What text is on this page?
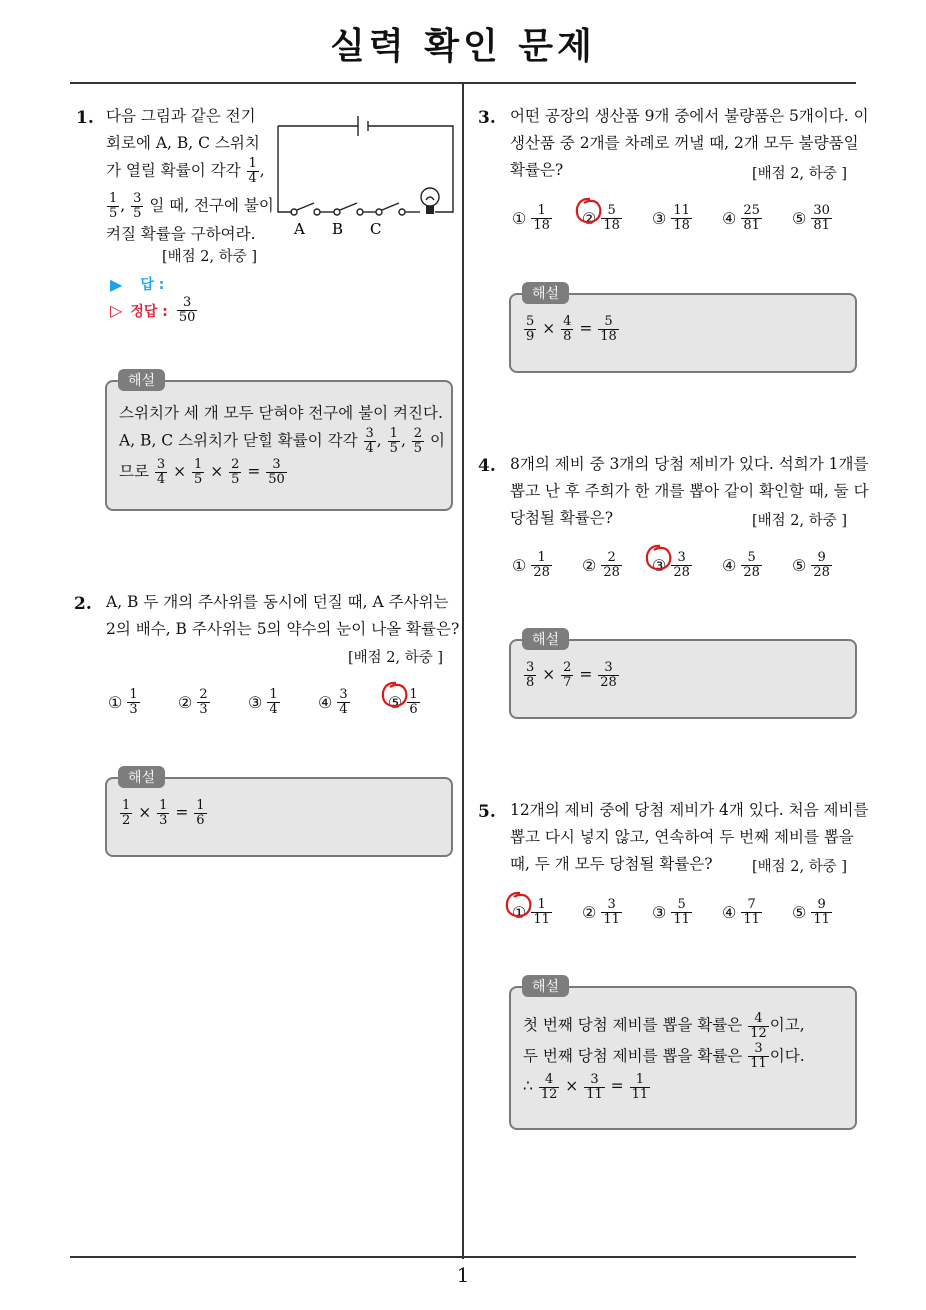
실력 확인 문제
1
1. 다음 그림과 같은 전기
회로에 A, B, C 스위치
가 열릴 확률이 각각 $\frac{1}{4}$ ,
$\frac{1}{5}$ , $\frac{3}{5}$ 일 때, 전구에 불이
켜질 확률을 구하여라.
[배점 2, 하중 ]
A B C
▶ 답 :
▷ 정답 : $\frac{3}{50}$
스위치가 세 개 모두 닫혀야 전구에 불이 켜진다.
A, B, C 스위치가 닫힐 확률이 각각 $\frac{3}{4}$ , $\frac{1}{5}$ , $\frac{2}{5}$ 이
므로 $\frac{3}{4} \times \frac{1}{5} \times \frac{2}{5} = \frac{3}{50}$
해설
2. A, B 두 개의 주사위를 동시에 던질 때, A 주사위는
2의 배수, B 주사위는 5의 약수의 눈이 나올 확률은?
[배점 2, 하중 ]
① $\frac{1}{3}$ ② $\frac{2}{3}$ ③ $\frac{1}{4}$ ④ $\frac{3}{4}$ ⑤ $\frac{1}{6}$
$\frac{1}{2} \times \frac{1}{3} = \frac{1}{6}$
해설
3. 어떤 공장의 생산품 9개 중에서 불량품은 5개이다. 이
생산품 중 2개를 차례로 꺼낼 때, 2개 모두 불량품일
확률은?	[배점 2, 하중 ]
① $\frac{1}{18}$ ② $\frac{5}{18}$ ③ $\frac{11}{18}$ ④ $\frac{25}{81}$ ⑤ $\frac{30}{81}$
$\frac{5}{9} \times \frac{4}{8} = \frac{5}{18}$
해설
4. 8개의 제비 중 3개의 당첨 제비가 있다. 석희가 1개를
뽑고 난 후 주희가 한 개를 뽑아 같이 확인할 때, 둘 다
당첨될 확률은?	[배점 2, 하중 ]
① $\frac{1}{28}$ ② $\frac{2}{28}$ ③ $\frac{3}{28}$ ④ $\frac{5}{28}$ ⑤ $\frac{9}{28}$
$\frac{3}{8} \times \frac{2}{7} = \frac{3}{28}$
해설
5. 12개의 제비 중에 당첨 제비가 4개 있다. 처음 제비를
뽑고 다시 넣지 않고, 연속하여 두 번째 제비를 뽑을
때, 두 개 모두 당첨될 확률은?	[배점 2, 하중 ]
① $\frac{1}{11}$ ② $\frac{3}{11}$ ③ $\frac{5}{11}$ ④ $\frac{7}{11}$ ⑤ $\frac{9}{11}$
첫 번째 당첨 제비를 뽑을 확률은 $\frac{4}{12}$ 이고,
두 번째 당첨 제비를 뽑을 확률은 $\frac{3}{11}$ 이다.
∴ $\frac{4}{12} \times \frac{3}{11} = \frac{1}{11}$
해설
